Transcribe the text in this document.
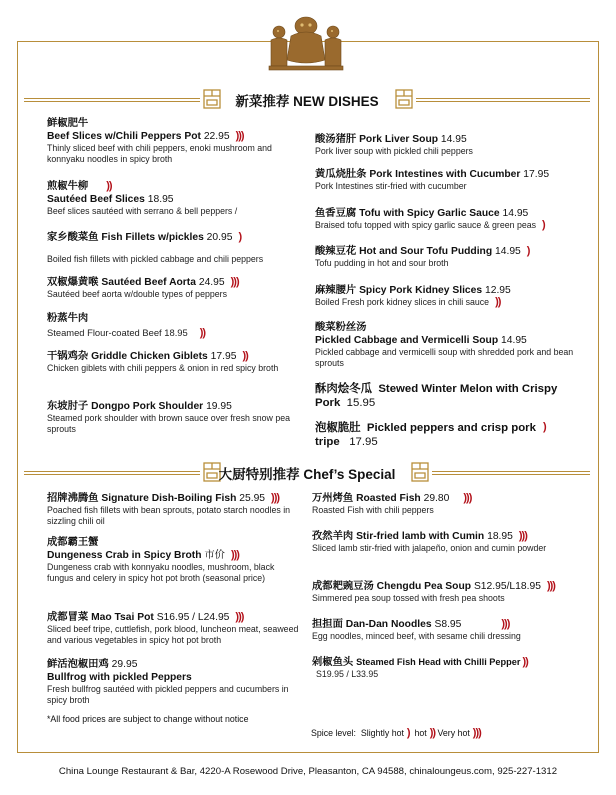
新菜推荐 NEW DISHES
鲜椒肥牛
Beef Slices w/Chili Peppers Pot 22.95 )))
Thinly sliced beef with chili peppers, enoki mushroom and konnyaku noodles in spicy broth
煎椒牛柳 ))
Sautéed Beef Slices 18.95
Beef slices sautéed with serrano & bell peppers /
家乡酸菜鱼 Fish Fillets w/pickles 20.95 )
Boiled fish fillets with pickled cabbage and chili peppers
双椒爆黄喉 Sautéed Beef Aorta 24.95 )))
Sautéed beef aorta w/double types of peppers
粉蒸牛肉
Steamed Flour-coated Beef 18.95 ))
干锅鸡杂 Griddle Chicken Giblets 17.95 ))
Chicken giblets with chili peppers & onion in red spicy broth
东坡肘子 Dongpo Pork Shoulder 19.95
Steamed pork shoulder with brown sauce over fresh snow pea sprouts
酸汤猪肝 Pork Liver Soup 14.95
Pork liver soup with pickled chili peppers
黄瓜烧肚条 Pork Intestines with Cucumber 17.95
Pork Intestines stir-fried with cucumber
鱼香豆腐 Tofu with Spicy Garlic Sauce 14.95
Braised tofu topped with spicy garlic sauce & green peas )
酸辣豆花 Hot and Sour Tofu Pudding 14.95 )
Tofu pudding in hot and sour broth
麻辣腰片 Spicy Pork Kidney Slices 12.95
Boiled Fresh pork kidney slices in chili sauce ))
酸菜粉丝汤
Pickled Cabbage and Vermicelli Soup 14.95
Pickled cabbage and vermicelli soup with shredded pork and bean sprouts
酥肉烩冬瓜 Stewed Winter Melon with Crispy Pork 15.95
泡椒脆肚 Pickled peppers and crisp pork tripe 17.95
)
大厨特别推荐 Chef’s Special
招牌沸腾鱼 Signature Dish-Boiling Fish 25.95 )))
Poached fish fillets with bean sprouts, potato starch noodles in sizzling chili oil
成都霸王蟹
Dungeness Crab in Spicy Broth 市价 )))
Dungeness crab with konnyaku noodles, mushroom, black fungus and celery in spicy hot pot broth (seasonal price)
成都冒菜 Mao Tsai Pot S16.95 / L24.95 )))
Sliced beef tripe, cuttlefish, pork blood, luncheon meat, seaweed and various vegetables in spicy hot pot broth
鲜活泡椒田鸡 29.95
Bullfrog with pickled Peppers
Fresh bullfrog sautéed with pickled peppers and cucumbers in spicy broth
*All food prices are subject to change without notice
万州烤鱼 Roasted Fish 29.80 )))
Roasted Fish with chili peppers
孜然羊肉 Stir-fried lamb with Cumin 18.95 )))
Sliced lamb stir-fried with jalapeño, onion and cumin powder
成都耙豌豆汤 Chengdu Pea Soup S12.95/L18.95 )))
Simmered pea soup tossed with fresh pea shoots
担担面 Dan-Dan Noodles S8.95	)))
Egg noodles, minced beef, with sesame chili dressing
剁椒鱼头 Steamed Fish Head with Chilli Pepper ))
S19.95 / L33.95
Spice level: Slightly hot ) hot )) Very hot )))
China Lounge Restaurant & Bar, 4220-A Rosewood Drive, Pleasanton, CA 94588, chinaloungeus.com, 925-227-1312
